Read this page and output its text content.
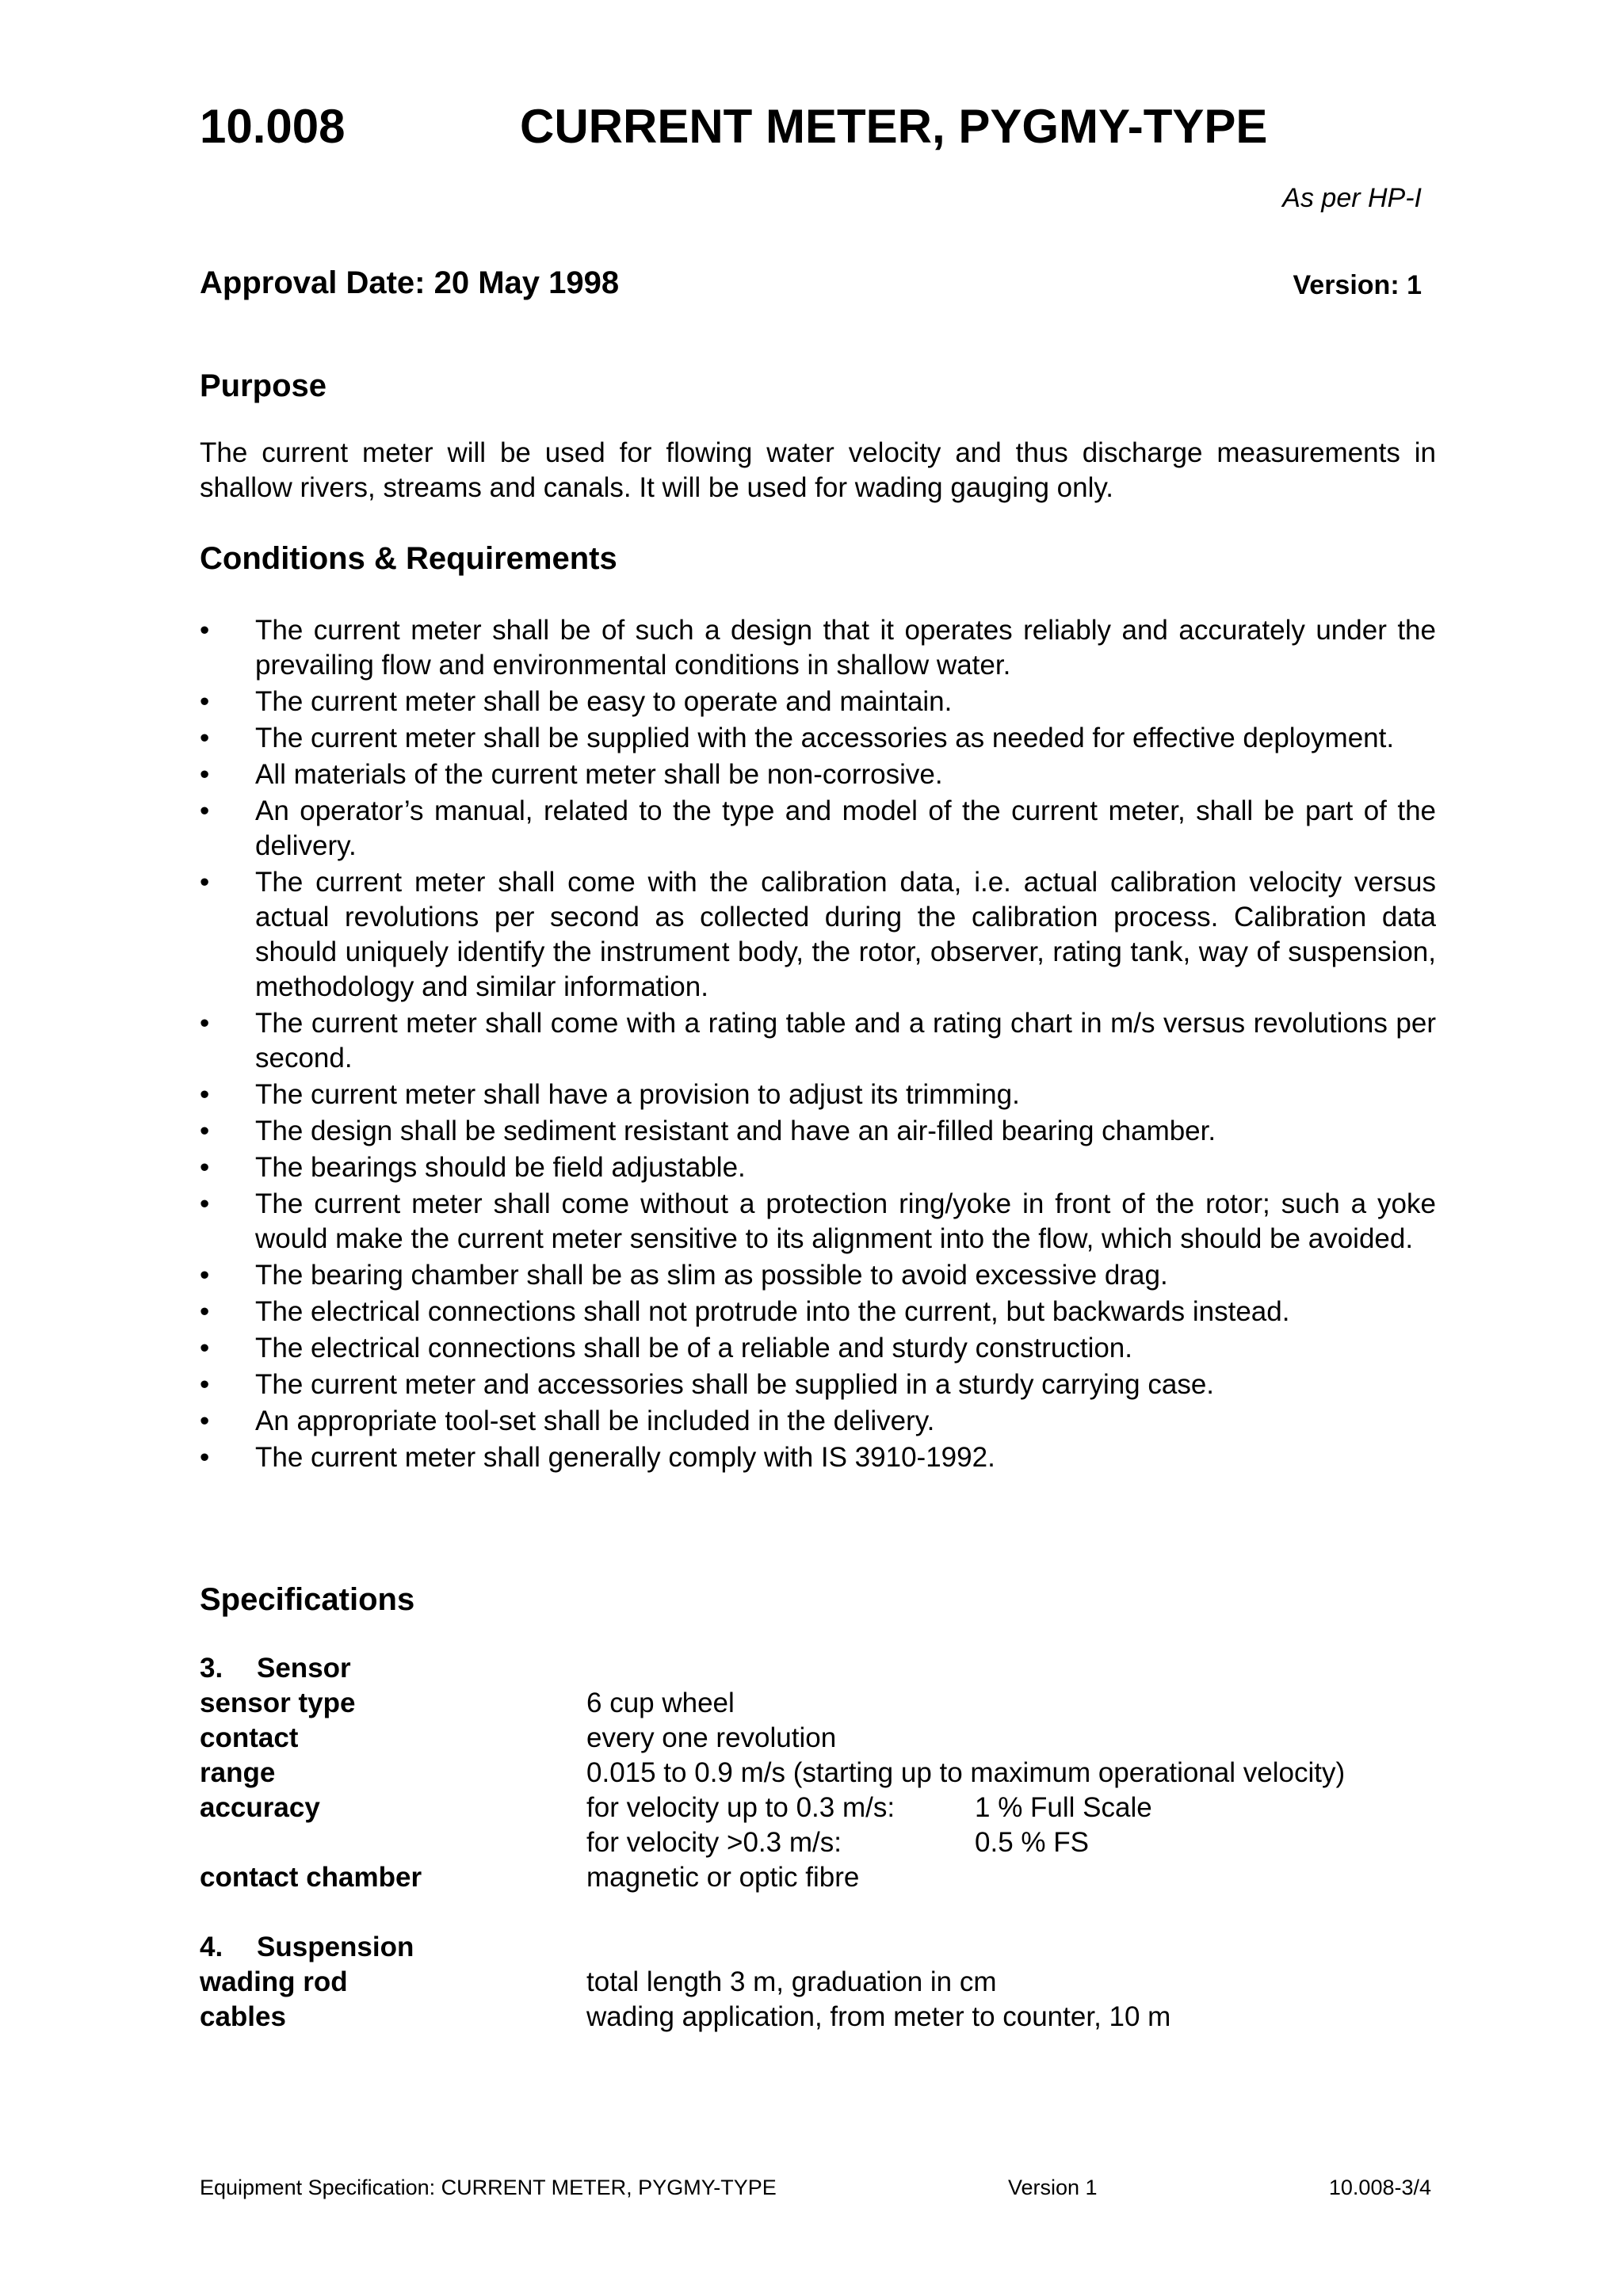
10.008	CURRENT METER, PYGMY-TYPE
As per HP-I
Approval Date: 20 May 1998	Version: 1
Purpose

The current meter will be used for flowing water velocity and thus discharge measurements in shallow rivers, streams and canals. It will be used for wading gauging only.

Conditions & Requirements
•	The current meter shall be of such a design that it operates reliably and accurately under the prevailing flow and environmental conditions in shallow water.
•	The current meter shall be easy to operate and maintain.
•	The current meter shall be supplied with the accessories as needed for effective deployment.
•	All materials of the current meter shall be non-corrosive.
•	An operator’s manual, related to the type and model of the current meter, shall be part of the delivery.
•	The current meter shall come with the calibration data, i.e. actual calibration velocity versus actual revolutions per second as collected during the calibration process. Calibration data should uniquely identify the instrument body, the rotor, observer, rating tank, way of suspension, methodology and similar information.
•	The current meter shall come with a rating table and a rating chart in m/s versus revolutions per second.
•	The current meter shall have a provision to adjust its trimming.
•	The design shall be sediment resistant and have an air-filled bearing chamber.
•	The bearings should be field adjustable.
•	The current meter shall come without a protection ring/yoke in front of the rotor; such a yoke would make the current meter sensitive to its alignment into the flow, which should be avoided.
•	The bearing chamber shall be as slim as possible to avoid excessive drag.
•	The electrical connections shall not protrude into the current, but backwards instead.
•	The electrical connections shall be of a reliable and sturdy construction.
•	The current meter and accessories shall be supplied in a sturdy carrying case.
•	An appropriate tool-set shall be included in the delivery.
•	The current meter shall generally comply with IS 3910-1992.
Specifications
3. Sensor
sensor type	6 cup wheel
contact	every one revolution
range	0.015 to 0.9 m/s (starting up to maximum operational velocity)
accuracy	for velocity up to 0.3 m/s:	1 % Full Scale
for velocity >0.3 m/s:	0.5 % FS
contact chamber	magnetic or optic fibre
4. Suspension
wading rod	total length 3 m, graduation in cm
cables	wading application, from meter to counter, 10 m
Equipment Specification: CURRENT METER, PYGMY-TYPE	Version 1	10.008-3/4
